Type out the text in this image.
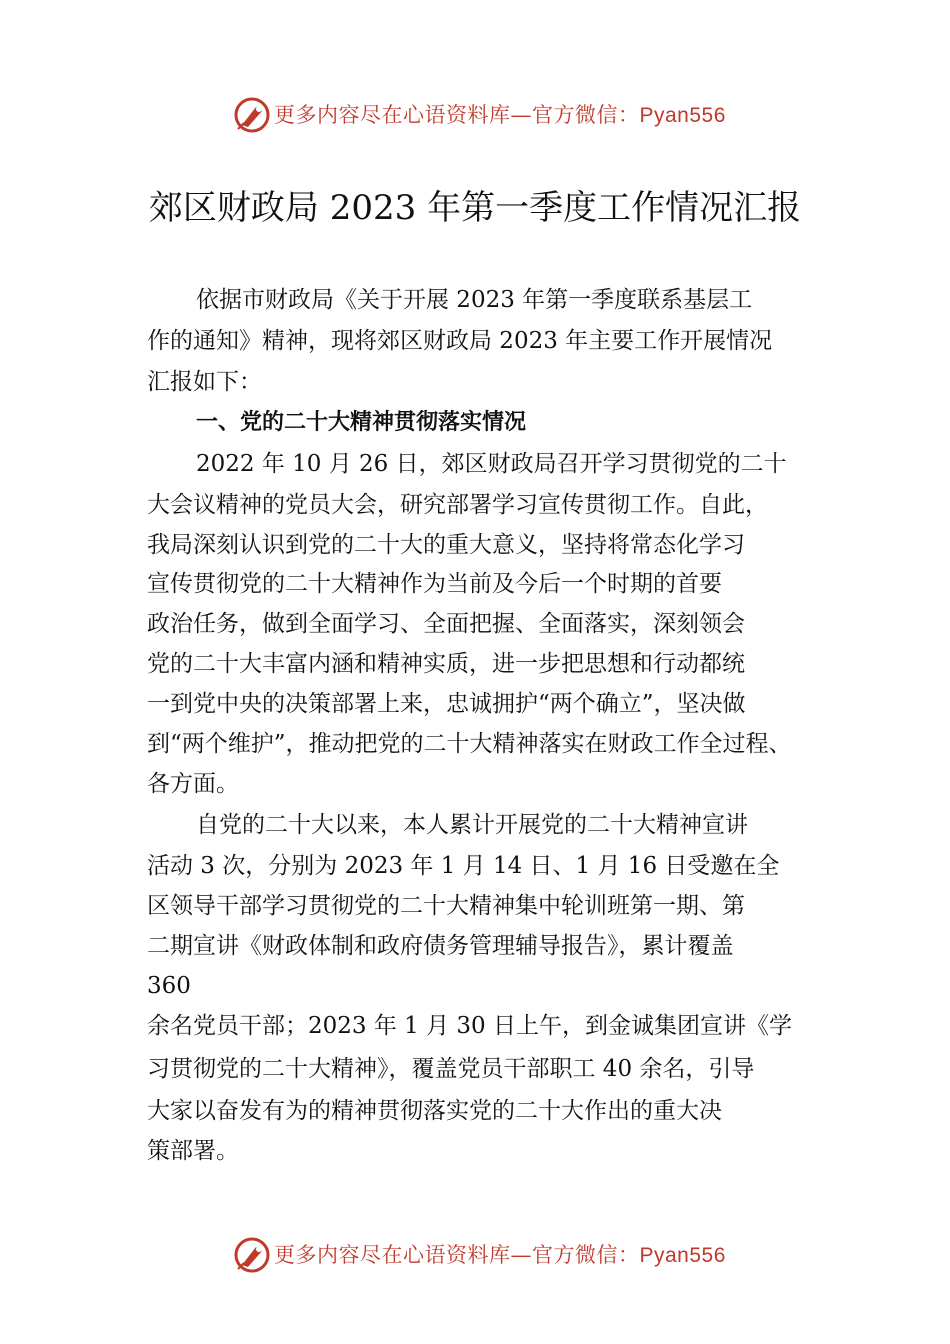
更多内容尽在心语资料库—官方微信：Pyan556
郊区财政局 2023 年第一季度工作情况汇报

依据市财政局《关于开展 2023 年第一季度联系基层工

作的通知》精神，现将郊区财政局 2023 年主要工作开展情况

汇报如下：

一、党的二十大精神贯彻落实情况

2022 年 10 月 26 日，郊区财政局召开学习贯彻党的二十

大会议精神的党员大会，研究部署学习宣传贯彻工作。自此，

我局深刻认识到党的二十大的重大意义，坚持将常态化学习

宣传贯彻党的二十大精神作为当前及今后一个时期的首要

政治任务，做到全面学习、全面把握、全面落实，深刻领会

党的二十大丰富内涵和精神实质，进一步把思想和行动都统

一到党中央的决策部署上来，忠诚拥护“两个确立”，坚决做

到“两个维护”，推动把党的二十大精神落实在财政工作全过程、

各方面。

自党的二十大以来，本人累计开展党的二十大精神宣讲

活动 3 次，分别为 2023 年 1 月 14 日、1 月 16 日受邀在全

区领导干部学习贯彻党的二十大精神集中轮训班第一期、第

二期宣讲《财政体制和政府债务管理辅导报告》，累计覆盖

360

余名党员干部；2023 年 1 月 30 日上午，到金诚集团宣讲《学

习贯彻党的二十大精神》，覆盖党员干部职工 40 余名，引导

大家以奋发有为的精神贯彻落实党的二十大作出的重大决

策部署。

更多内容尽在心语资料库—官方微信：Pyan556
